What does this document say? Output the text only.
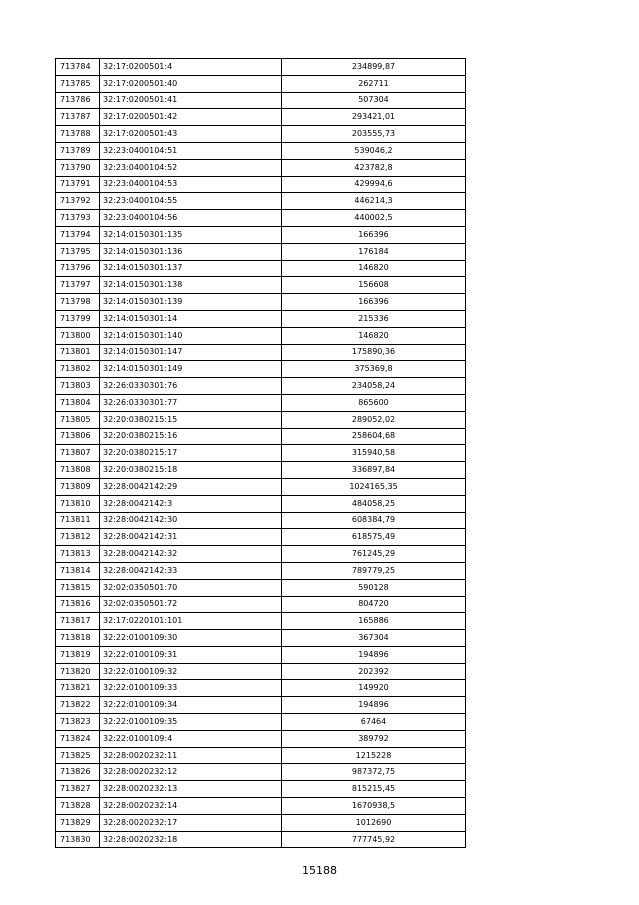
713784	32:17:0200501:4	234899,87
713785	32:17:0200501:40	262711
713786	32:17:0200501:41	507304
713787	32:17:0200501:42	293421,01
713788	32:17:0200501:43	203555,73
713789	32:23:0400104:51	539046,2
713790	32:23:0400104:52	423782,8
713791	32:23:0400104:53	429994,6
713792	32:23:0400104:55	446214,3
713793	32:23:0400104:56	440002,5
713794	32:14:0150301:135	166396
713795	32:14:0150301:136	176184
713796	32:14:0150301:137	146820
713797	32:14:0150301:138	156608
713798	32:14:0150301:139	166396
713799	32:14:0150301:14	215336
713800	32:14:0150301:140	146820
713801	32:14:0150301:147	175890,36
713802	32:14:0150301:149	375369,8
713803	32:26:0330301:76	234058,24
713804	32:26:0330301:77	865600
713805	32:20:0380215:15	289052,02
713806	32:20:0380215:16	258604,68
713807	32:20:0380215:17	315940,58
713808	32:20:0380215:18	336897,84
713809	32:28:0042142:29	1024165,35
713810	32:28:0042142:3	484058,25
713811	32:28:0042142:30	608384,79
713812	32:28:0042142:31	618575,49
713813	32:28:0042142:32	761245,29
713814	32:28:0042142:33	789779,25
713815	32:02:0350501:70	590128
713816	32:02:0350501:72	804720
713817	32:17:0220101:101	165886
713818	32:22:0100109:30	367304
713819	32:22:0100109:31	194896
713820	32:22:0100109:32	202392
713821	32:22:0100109:33	149920
713822	32:22:0100109:34	194896
713823	32:22:0100109:35	67464
713824	32:22:0100109:4	389792
713825	32:28:0020232:11	1215228
713826	32:28:0020232:12	987372,75
713827	32:28:0020232:13	815215,45
713828	32:28:0020232:14	1670938,5
713829	32:28:0020232:17	1012690
713830	32:28:0020232:18	777745,92
15188
